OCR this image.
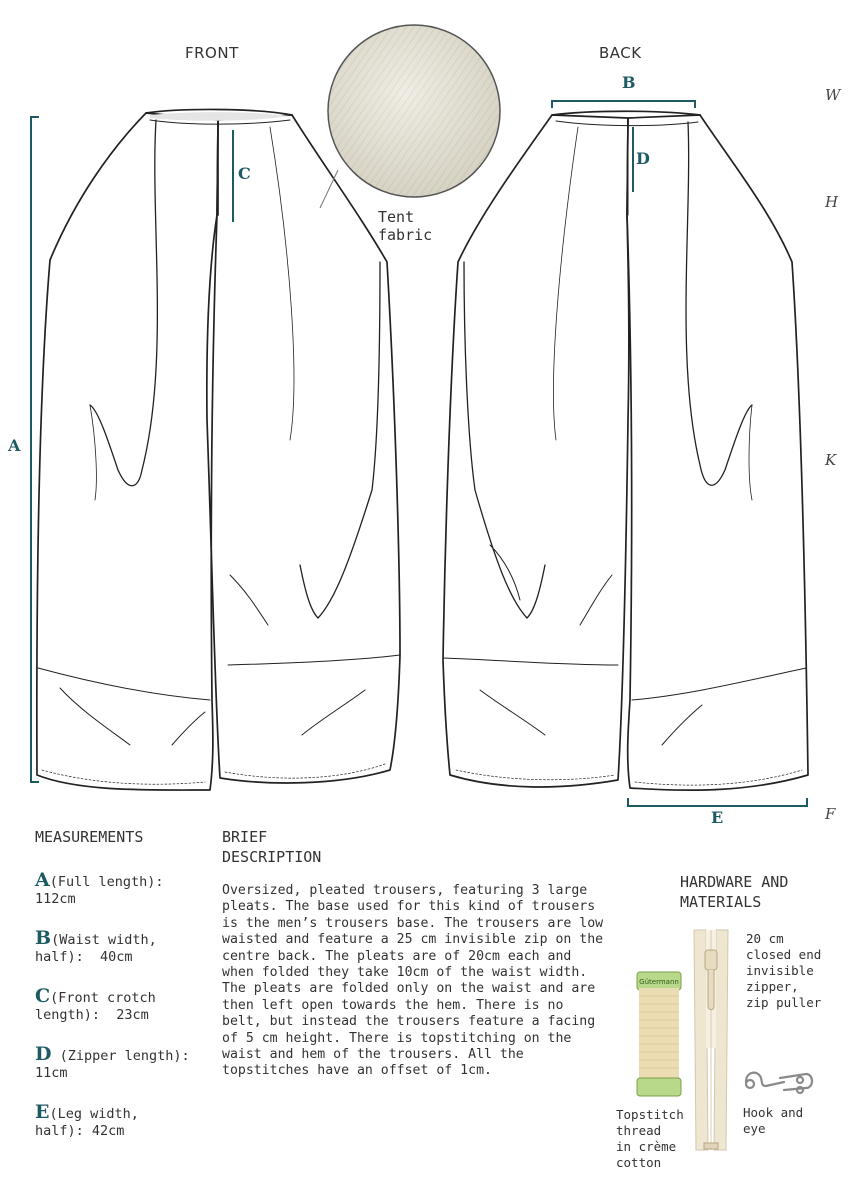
FRONT	BACK
Tent
fabric
A
B
C
D
E
W
H
K
F
MEASUREMENTS
A(Full length):
112cm
B(Waist width,
half):  40cm
C(Front crotch
length):  23cm
D (Zipper length):
11cm
E(Leg width,
half): 42cm
BRIEF
DESCRIPTION
Oversized, pleated trousers, featuring 3 large pleats. The base used for this kind of trousers is the men’s trousers base. The trousers are low waisted and feature a 25 cm invisible zip on the centre back. The pleats are of 20cm each and when folded they take 10cm of the waist width. The pleats are folded only on the waist and are then left open towards the hem. There is no belt, but instead the trousers feature a facing of 5 cm height. There is topstitching on the waist and hem of the trousers. All the topstitches have an offset of 1cm.
HARDWARE AND
MATERIALS
Gütermann
20 cm
closed end
invisible
zipper,
zip puller
Hook and
eye
Topstitch
thread
in crème
cotton
